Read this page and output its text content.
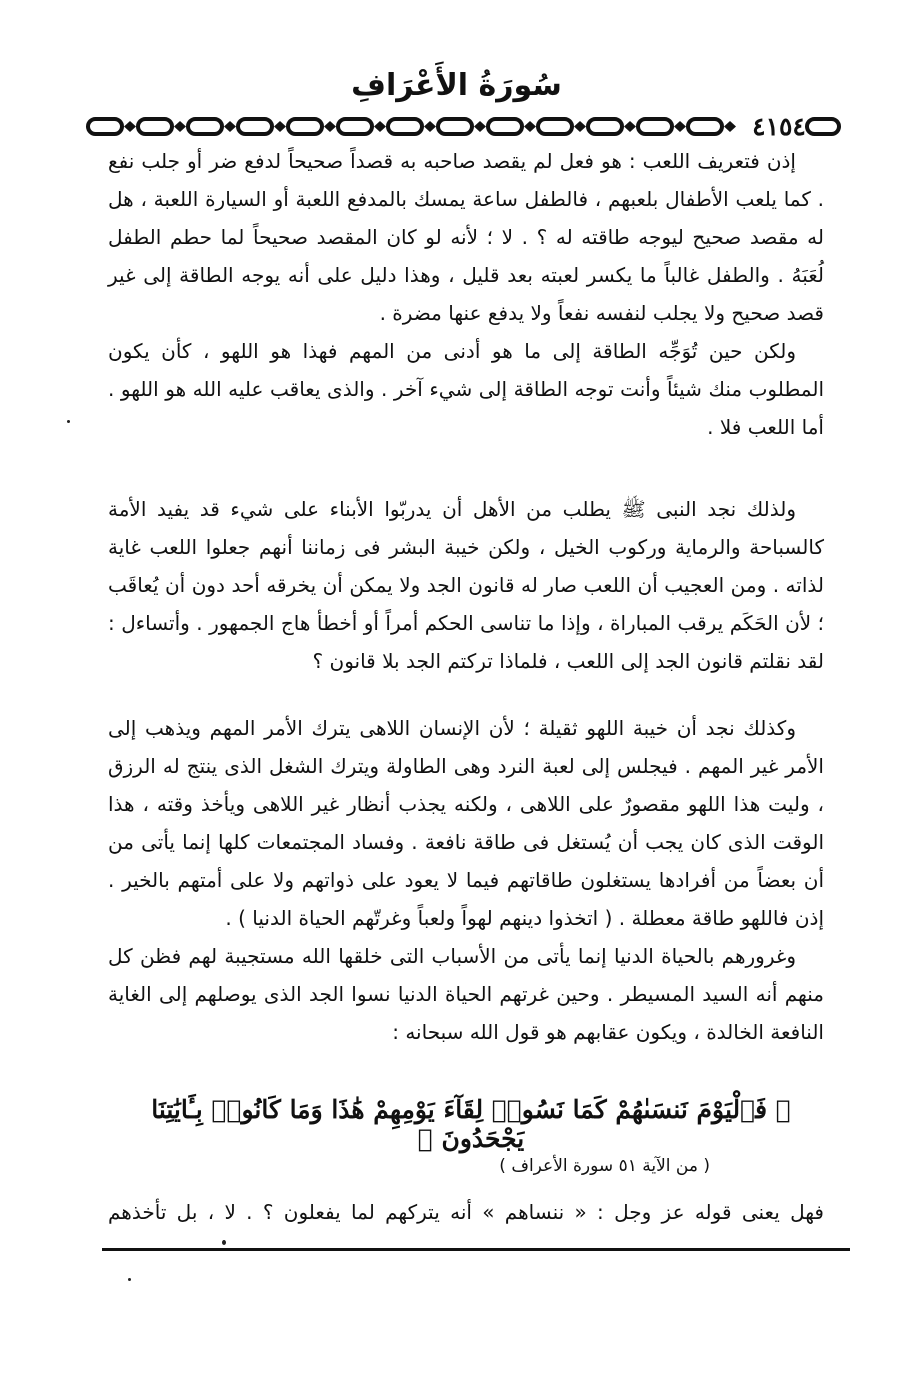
سُورَةُ الأَعْرَافِ
٤١٥٤

إذن فتعريف اللعب : هو فعل لم يقصد صاحبه به قصداً صحيحاً لدفع ضر أو جلب نفع . كما يلعب الأطفال بلعبهم ، فالطفل ساعة يمسك بالمدفع اللعبة أو السيارة اللعبة ، هل له مقصد صحيح ليوجه طاقته له ؟ . لا ؛ لأنه لو كان المقصد صحيحاً لما حطم الطفل لُعَبَهُ . والطفل غالباً ما يكسر لعبته بعد قليل ، وهذا دليل على أنه يوجه الطاقة إلى غير قصد صحيح ولا يجلب لنفسه نفعاً ولا يدفع عنها مضرة .

ولكن حين تُوَجِّه الطاقة إلى ما هو أدنى من المهم فهذا هو اللهو ، كأن يكون المطلوب منك شيئاً وأنت توجه الطاقة إلى شيء آخر . والذى يعاقب عليه الله هو اللهو . أما اللعب فلا .

ولذلك نجد النبى ﷺ يطلب من الأهل أن يدربّوا الأبناء على شيء قد يفيد الأمة كالسباحة والرماية وركوب الخيل ، ولكن خيبة البشر فى زماننا أنهم جعلوا اللعب غاية لذاته . ومن العجيب أن اللعب صار له قانون الجد ولا يمكن أن يخرقه أحد دون أن يُعاقَب ؛ لأن الحَكَم يرقب المباراة ، وإذا ما تناسى الحكم أمراً أو أخطأ هاج الجمهور . وأتساءل : لقد نقلتم قانون الجد إلى اللعب ، فلماذا تركتم الجد بلا قانون ؟

وكذلك نجد أن خيبة اللهو ثقيلة ؛ لأن الإنسان اللاهى يترك الأمر المهم ويذهب إلى الأمر غير المهم . فيجلس إلى لعبة النرد وهى الطاولة ويترك الشغل الذى ينتج له الرزق ، وليت هذا اللهو مقصورٌ على اللاهى ، ولكنه يجذب أنظار غير اللاهى ويأخذ وقته ، هذا الوقت الذى كان يجب أن يُستغل فى طاقة نافعة . وفساد المجتمعات كلها إنما يأتى من أن بعضاً من أفرادها يستغلون طاقاتهم فيما لا يعود على ذواتهم ولا على أمتهم بالخير . إذن فاللهو طاقة معطلة . ( اتخذوا دينهم لهواً ولعباً وغرتّهم الحياة الدنيا ) .

وغرورهم بالحياة الدنيا إنما يأتى من الأسباب التى خلقها الله مستجيبة لهم فظن كل منهم أنه السيد المسيطر . وحين غرتهم الحياة الدنيا نسوا الجد الذى يوصلهم إلى الغاية النافعة الخالدة ، ويكون عقابهم هو قول الله سبحانه :

﴿ فَٱلْيَوْمَ نَنسَىٰهُمْ كَمَا نَسُوا۟ لِقَآءَ يَوْمِهِمْ هَٰذَا وَمَا كَانُوا۟ بِـَٔايَٰتِنَا يَجْحَدُونَ ﴾
( من الآية ٥١ سورة الأعراف )
فهل يعنى قوله عز وجل : « ننساهم » أنه يتركهم لما يفعلون ؟ . لا ، بل تأخذهم
